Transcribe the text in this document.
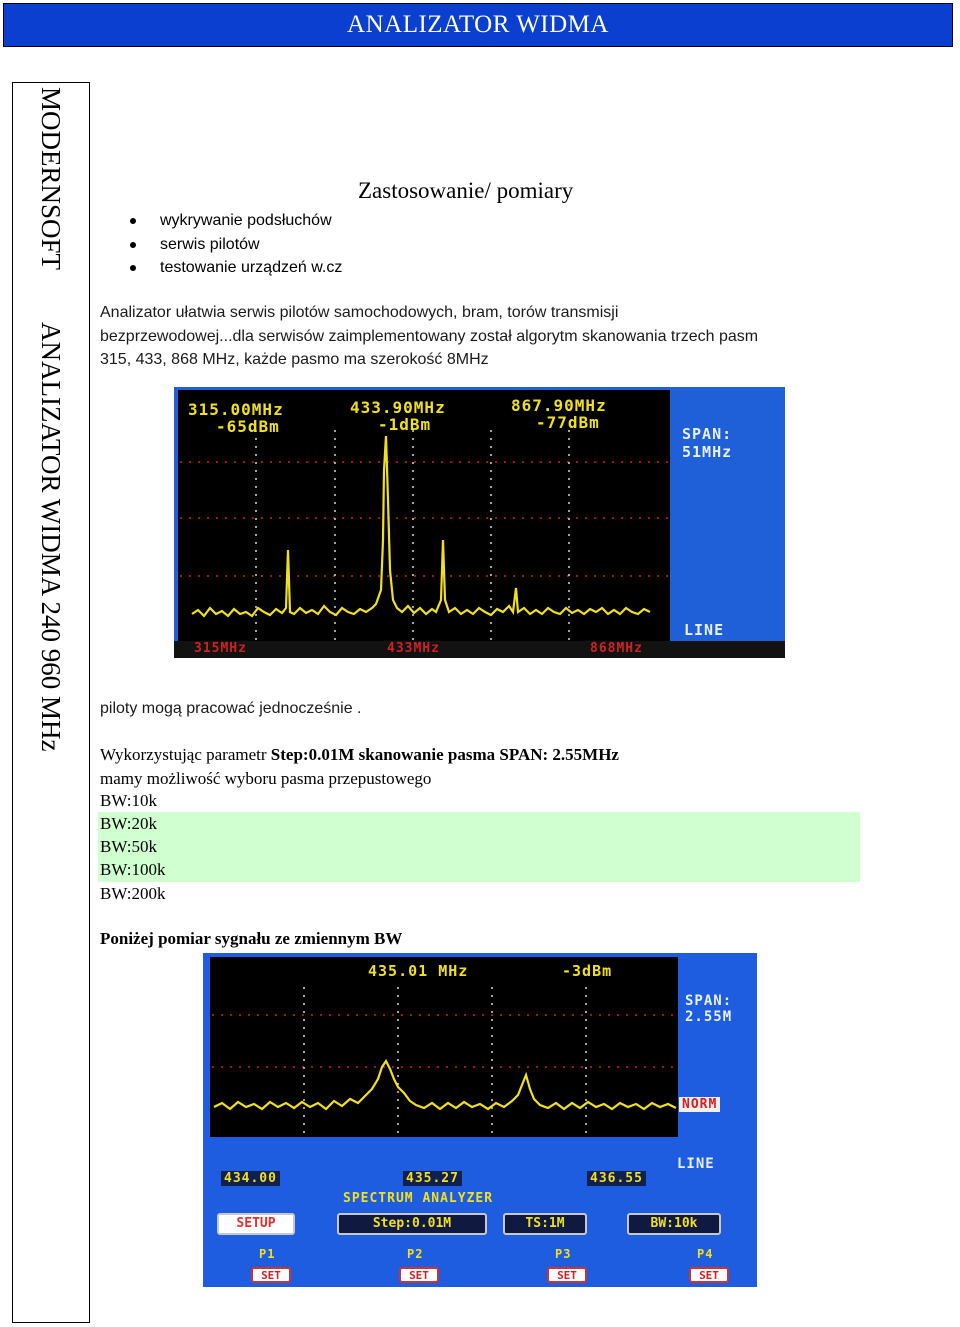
ANALIZATOR WIDMA
MODERNSOFTANALIZATOR WIDMA 240 960 MHz
Zastosowanie/ pomiary
wykrywanie podsłuchów
serwis pilotów
testowanie urządzeń w.cz
Analizator ułatwia serwis pilotów samochodowych, bram, torów transmisji
bezprzewodowej...dla serwisów zaimplementowany został algorytm skanowania trzech pasm
315, 433, 868 MHz, każde pasmo ma szerokość 8MHz
315.00MHz
-65dBm
433.90MHz
-1dBm
867.90MHz
-77dBm
SPAN:
51MHz
LINE
315MHz	433MHz	868MHz

piloty mogą pracować jednocześnie .

Wykorzystując parametr Step:0.01M skanowanie pasma SPAN: 2.55MHz

mamy możliwość wyboru pasma przepustowego

BW:10k
BW:20k
BW:50k
BW:100k
BW:200k

Poniżej pomiar sygnału ze zmiennym BW

435.01 MHz	-3dBm
SPAN:
2.55M
NORM
LINE
434.00	435.27	436.55
SPECTRUM ANALYZER
SETUP	Step:0.01M	TS:1M	BW:10k
P1	P2	P3	P4
SET	SET	SET	SET
